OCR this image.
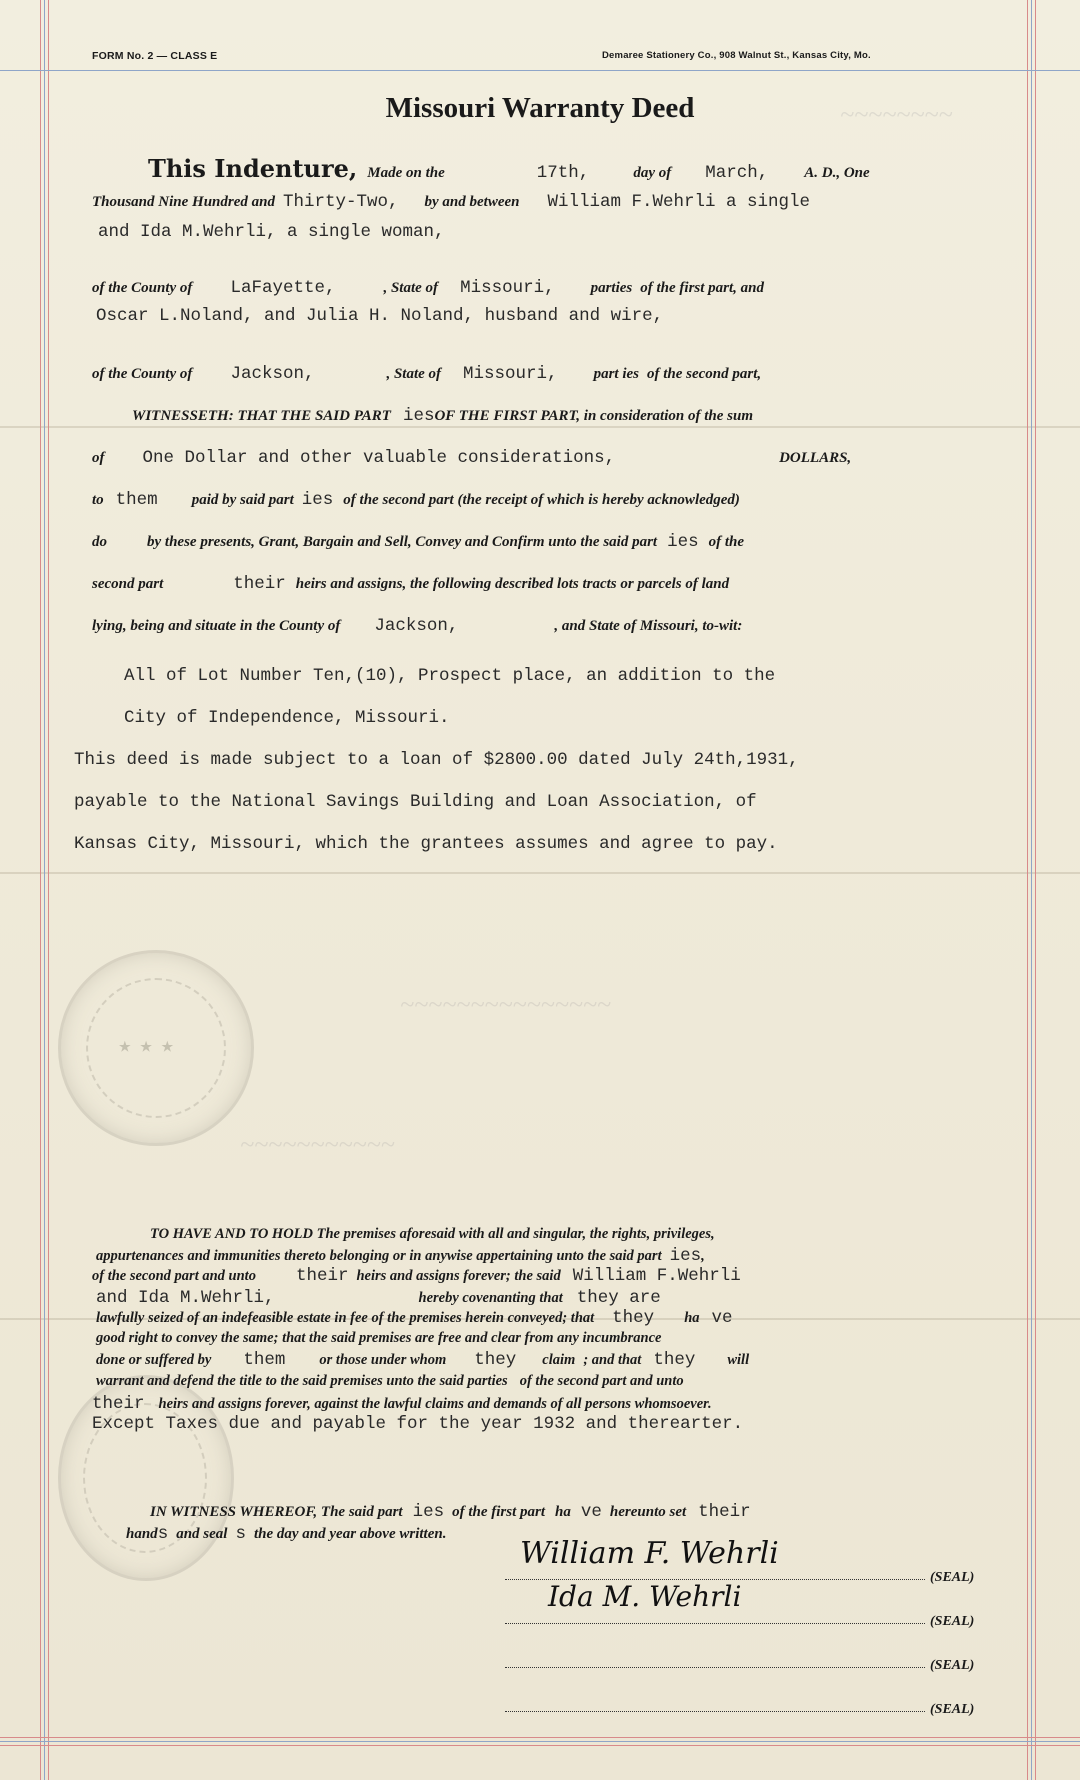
~~~~~~~~
~~~~~~~~~~~~~~~
~~~~~~~~~~~
★ ★ ★
FORM No. 2 — CLASS E	Demaree Stationery Co., 908 Walnut St., Kansas City, Mo.
Missouri Warranty Deed
This Indenture, Made on the	17th,	day of March, A. D., One
Thousand Nine Hundred and Thirty-Two, by and between William F.Wehrli a single
and Ida M.Wehrli, a single woman,
of the County of LaFayette,	, State of Missouri, parties of the first part, and
Oscar L.Noland, and Julia H. Noland, husband and wire,
of the County of Jackson,	, State of Missouri, part ies of the second part,
WITNESSETH: THAT THE SAID PART iesOF THE FIRST PART, in consideration of the sum
of One Dollar and other valuable considerations,	DOLLARS,
to them paid by said part ies of the second part (the receipt of which is hereby acknowledged)
do	by these presents, Grant, Bargain and Sell, Convey and Confirm unto the said part ies of the
second part	their heirs and assigns, the following described lots tracts or parcels of land
lying, being and situate in the County of Jackson,	, and State of Missouri, to-wit:
All of Lot Number Ten,(10), Prospect place, an addition to the
City of Independence, Missouri.
This deed is made subject to a loan of $2800.00 dated July 24th,1931,
payable to the National Savings Building and Loan Association, of
Kansas City, Missouri, which the grantees assumes and agree to pay.
TO HAVE AND TO HOLD The premises aforesaid with all and singular, the rights, privileges,
appurtenances and immunities thereto belonging or in anywise appertaining unto the said part ies,
of the second part and unto their heirs and assigns forever; the said William F.Wehrli
and Ida M.Wehrli,	hereby covenanting that they are
lawfully seized of an indefeasible estate in fee of the premises herein conveyed; that they ha ve
good right to convey the same; that the said premises are free and clear from any incumbrance
done or suffered by them or those under whom they claim ; and that they will
warrant and defend the title to the said premises unto the said parties of the second part and unto
their heirs and assigns forever, against the lawful claims and demands of all persons whomsoever.
Except Taxes due and payable for the year 1932 and therearter.
IN WITNESS WHEREOF, The said part ies of the first part ha ve hereunto set their
hands and seal s the day and year above written.
William F. Wehrli
(SEAL)
Ida M. Wehrli
(SEAL)
(SEAL)
(SEAL)
